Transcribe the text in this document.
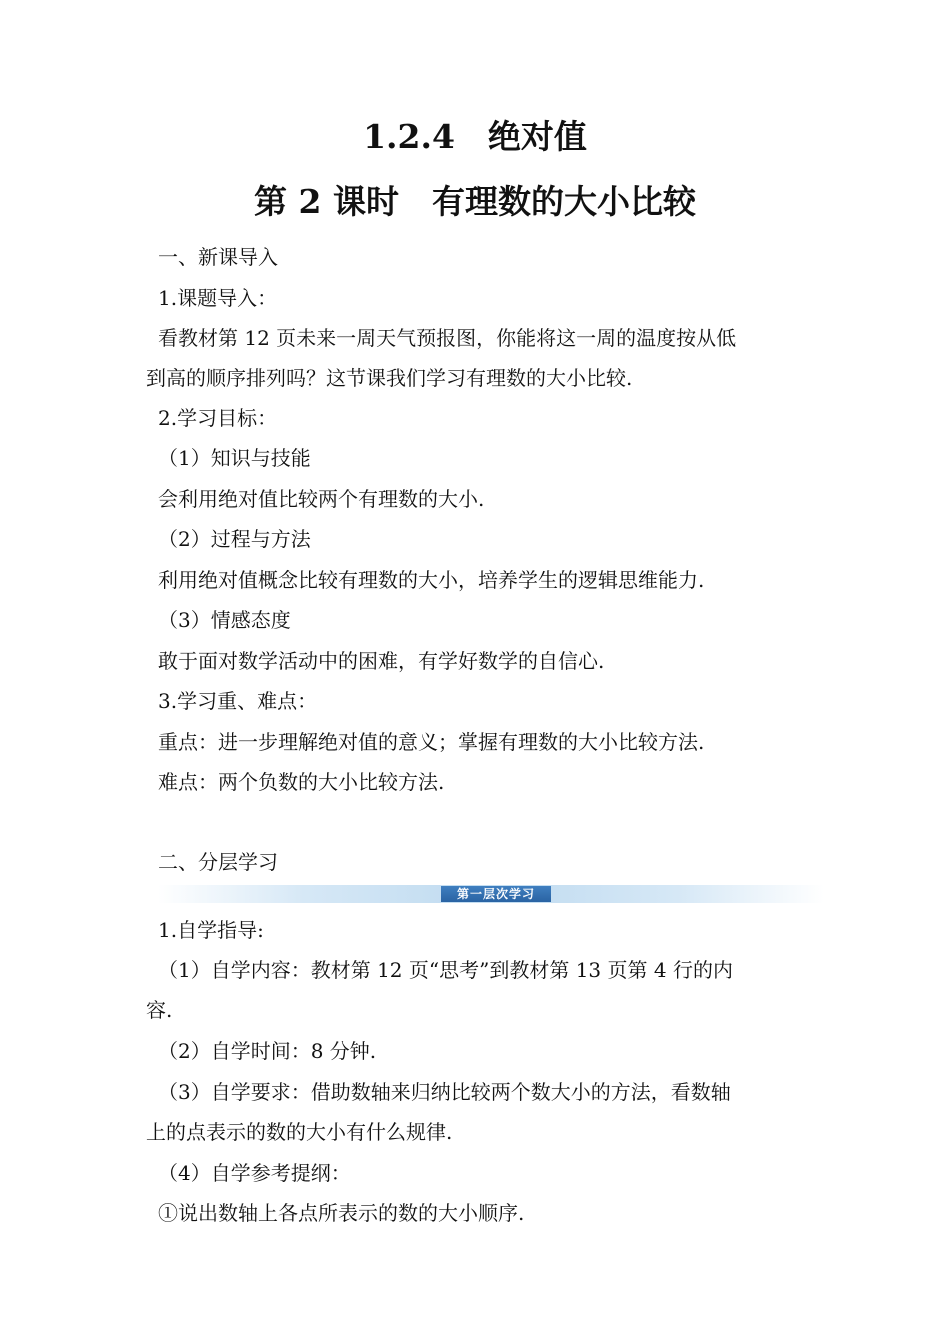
1.2.4　绝对值
第 2 课时　有理数的大小比较

一、新课导入

1.课题导入：

看教材第 12 页未来一周天气预报图，你能将这一周的温度按从低

到高的顺序排列吗？这节课我们学习有理数的大小比较.

2.学习目标：

（1）知识与技能

会利用绝对值比较两个有理数的大小.

（2）过程与方法

利用绝对值概念比较有理数的大小，培养学生的逻辑思维能力.

（3）情感态度

敢于面对数学活动中的困难，有学好数学的自信心.

3.学习重、难点：

重点：进一步理解绝对值的意义；掌握有理数的大小比较方法.

难点：两个负数的大小比较方法.

二、分层学习

第一层次学习

1.自学指导:

（1）自学内容：教材第 12 页“思考”到教材第 13 页第 4 行的内

容.

（2）自学时间：8 分钟.

（3）自学要求：借助数轴来归纳比较两个数大小的方法，看数轴

上的点表示的数的大小有什么规律.

（4）自学参考提纲：

①说出数轴上各点所表示的数的大小顺序.
